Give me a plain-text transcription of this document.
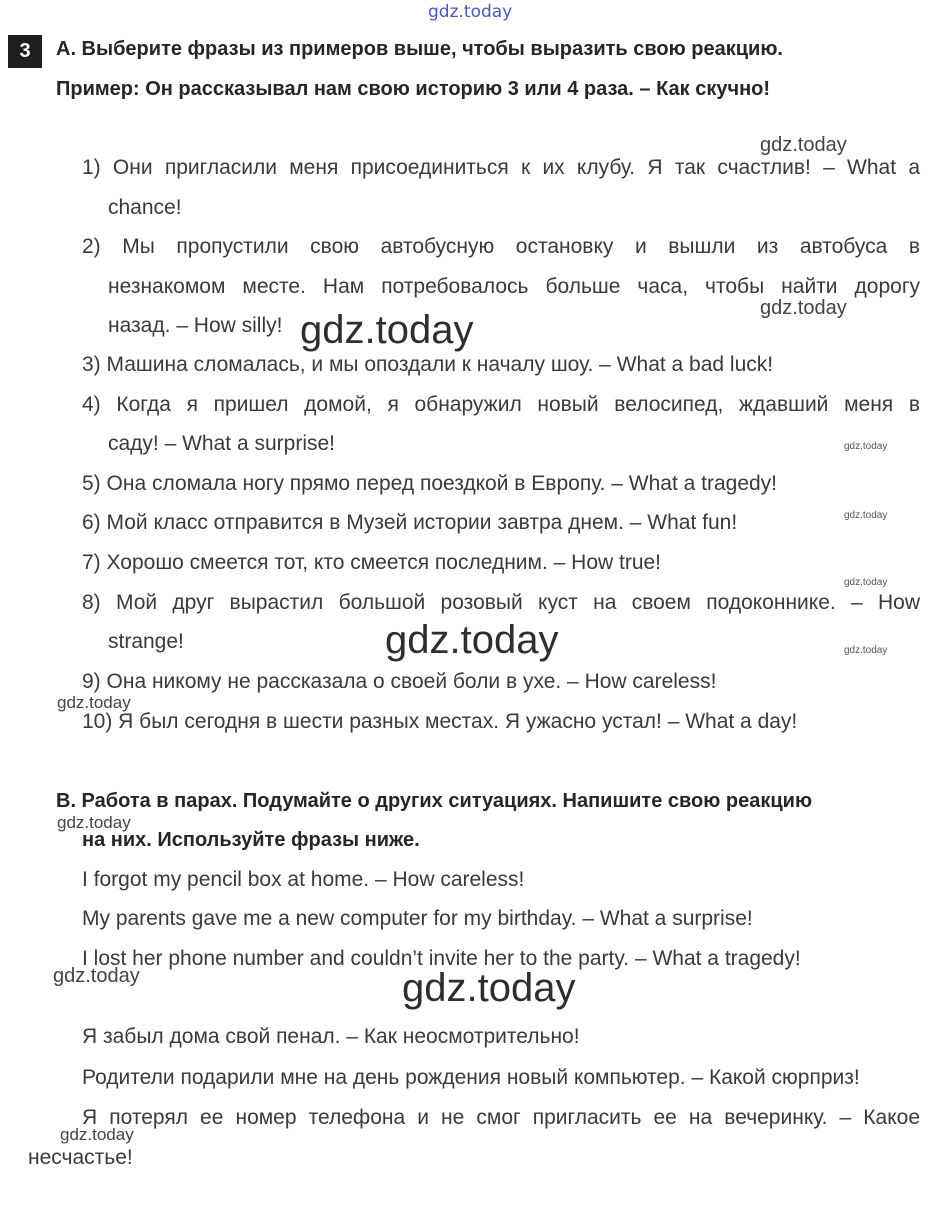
gdz.today
gdz.today
gdz.today
gdz.today
gdz.today
gdz.today
gdz.today
gdz.today	gdz.today
gdz.today
gdz.today
gdz.today	gdz.today
gdz.today
3	A. Выберите фразы из примеров выше, чтобы выразить свою реакцию.
Пример: Он рассказывал нам свою историю 3 или 4 раза. – Как скучно!
1) Они пригласили меня присоединиться к их клубу. Я так счастлив! – What a
chance!
2) Мы пропустили свою автобусную остановку и вышли из автобуса в
незнакомом месте. Нам потребовалось больше часа, чтобы найти дорогу
назад. – How silly!
3) Машина сломалась, и мы опоздали к началу шоу. – What a bad luck!
4) Когда я пришел домой, я обнаружил новый велосипед, ждавший меня в
саду! – What a surprise!
5) Она сломала ногу прямо перед поездкой в Европу. – What a tragedy!
6) Мой класс отправится в Музей истории завтра днем. – What fun!
7) Хорошо смеется тот, кто смеется последним. – How true!
8) Мой друг вырастил большой розовый куст на своем подоконнике. – How
strange!
9) Она никому не рассказала о своей боли в ухе. – How careless!
10) Я был сегодня в шести разных местах. Я ужасно устал! – What a day!
B. Работа в парах. Подумайте о других ситуациях. Напишите свою реакцию
на них. Используйте фразы ниже.
I forgot my pencil box at home. – How careless!
My parents gave me a new computer for my birthday. – What a surprise!
I lost her phone number and couldn’t invite her to the party. – What a tragedy!
Я забыл дома свой пенал. – Как неосмотрительно!
Родители подарили мне на день рождения новый компьютер. – Какой сюрприз!
Я потерял ее номер телефона и не смог пригласить ее на вечеринку. – Какое
несчастье!
